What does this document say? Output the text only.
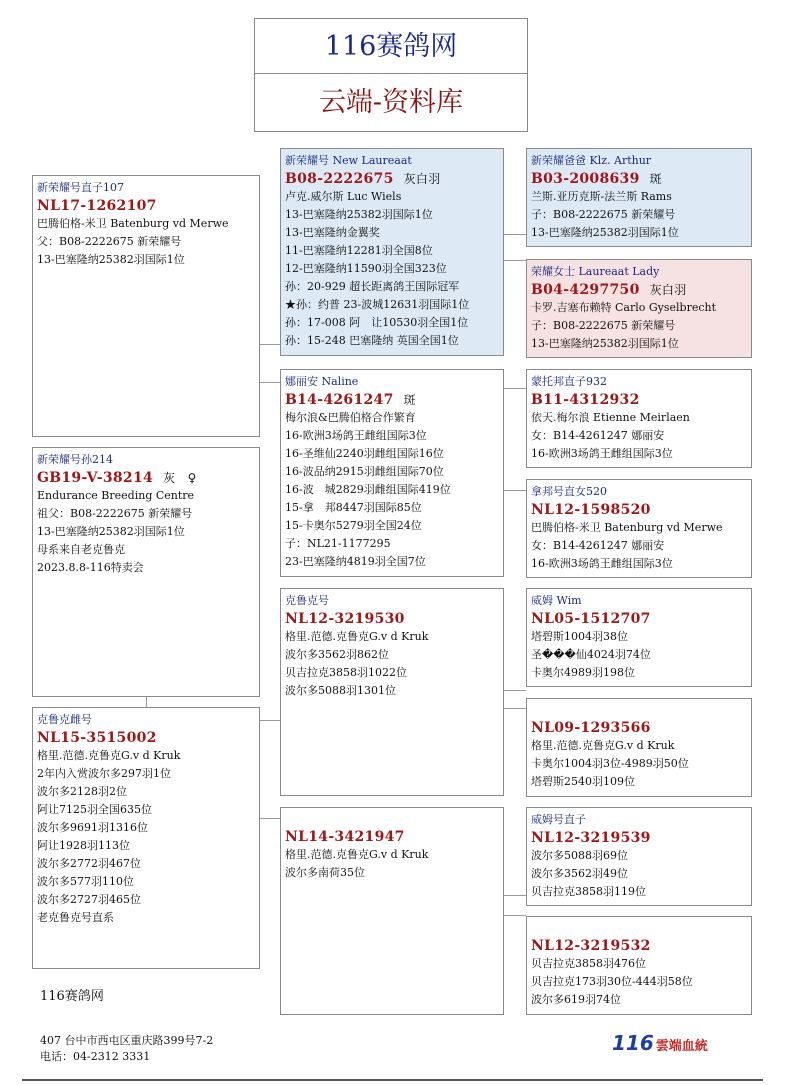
116赛鸽网
云端-资料库
新荣耀号直子107
NL17-1262107
巴腾伯格-米卫 Batenburg vd Merwe
父：B08-2222675 新荣耀号
13-巴塞隆纳25382羽国际1位
新荣耀号孙214
GB19-V-38214 灰　♀
Endurance Breeding Centre
祖父：B08-2222675 新荣耀号
13-巴塞隆纳25382羽国际1位
母系来自老克鲁克
2023.8.8-116特卖会
克鲁克雌号
NL15-3515002
格里.范德.克鲁克G.v d Kruk
2年内入赏波尔多297羽1位
波尔多2128羽2位
阿让7125羽全国635位
波尔多9691羽1316位
阿让1928羽113位
波尔多2772羽467位
波尔多577羽110位
波尔多2727羽465位
老克鲁克号直系
新荣耀号 New Laureaat
B08-2222675 灰白羽
卢克.威尔斯 Luc Wiels
13-巴塞隆纳25382羽国际1位
13-巴塞隆纳金翼奖
11-巴塞隆纳12281羽全国8位
12-巴塞隆纳11590羽全国323位
孙：20-929 超长距离鸽王国际冠军
★孙：约普 23-波城12631羽国际1位
孙：17-008 阿　让10530羽全国1位
孙：15-248 巴塞隆纳 英国全国1位
娜丽安 Naline
B14-4261247 斑
梅尔浪&巴腾伯格合作繁育
16-欧洲3场鸽王雌组国际3位
16-圣维仙2240羽雌组国际16位
16-波品纳2915羽雌组国际70位
16-波　城2829羽雌组国际419位
15-拿　邦8447羽国际85位
15-卡奥尔5279羽全国24位
子：NL21-1177295
23-巴塞隆纳4819羽全国7位
克鲁克号
NL12-3219530
格里.范德.克鲁克G.v d Kruk
波尔多3562羽862位
贝吉拉克3858羽1022位
波尔多5088羽1301位
NL14-3421947
格里.范德.克鲁克G.v d Kruk
波尔多南荷35位
新荣耀爸爸 Klz. Arthur
B03-2008639 斑
兰斯.亚历克斯-法兰斯 Rams
子：B08-2222675 新荣耀号
13-巴塞隆纳25382羽国际1位
荣耀女士 Laureaat Lady
B04-4297750 灰白羽
卡罗.吉塞布赖特 Carlo Gyselbrecht
子：B08-2222675 新荣耀号
13-巴塞隆纳25382羽国际1位
蒙托邦直子932
B11-4312932
依天.梅尔浪 Etienne Meirlaen
女：B14-4261247 娜丽安
16-欧洲3场鸽王雌组国际3位
拿邦号直女520
NL12-1598520
巴腾伯格-米卫 Batenburg vd Merwe
女：B14-4261247 娜丽安
16-欧洲3场鸽王雌组国际3位
威姆 Wim
NL05-1512707
塔碧斯1004羽38位
圣���仙4024羽74位
卡奥尔4989羽198位
NL09-1293566
格里.范德.克鲁克G.v d Kruk
卡奥尔1004羽3位-4989羽50位
塔碧斯2540羽109位
威姆号直子
NL12-3219539
波尔多5088羽69位
波尔多3562羽49位
贝吉拉克3858羽119位
NL12-3219532
贝吉拉克3858羽476位
贝吉拉克173羽30位-444羽58位
波尔多619羽74位
116赛鸽网
407 台中市西屯区重庆路399号7-2
电话：04-2312 3331
116 雲端血統
